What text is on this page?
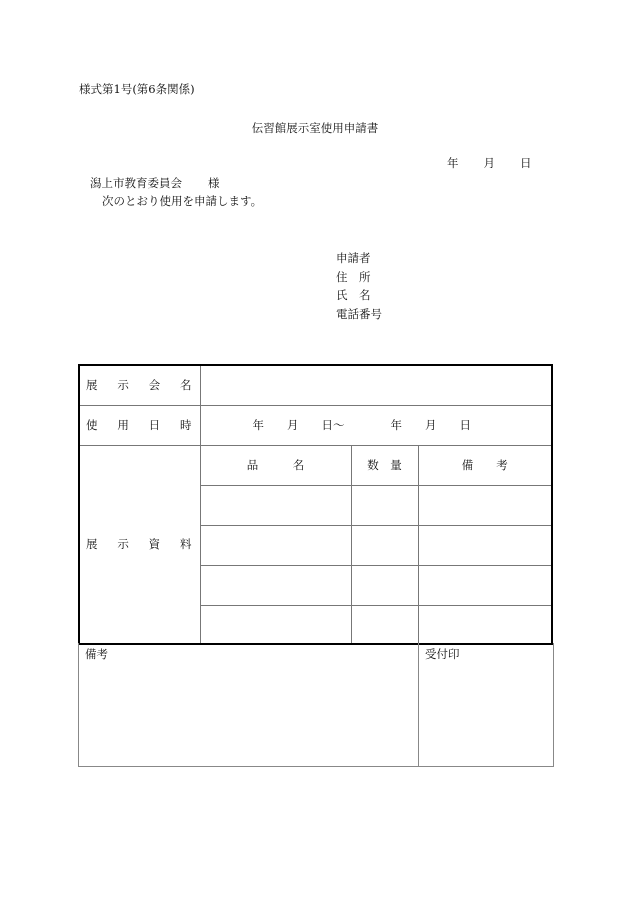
様式第1号(第6条関係)
伝習館展示室使用申請書
年 月 日
潟上市教育委員会 様
次のとおり使用を申請します。
申請者
住　所
氏　名
電話番号
展示会名			
使用日時	年　　月　　日〜　　　　年　　月　　日		
展示資料	品　　　名	数　量	備　　考

備考	受付印
